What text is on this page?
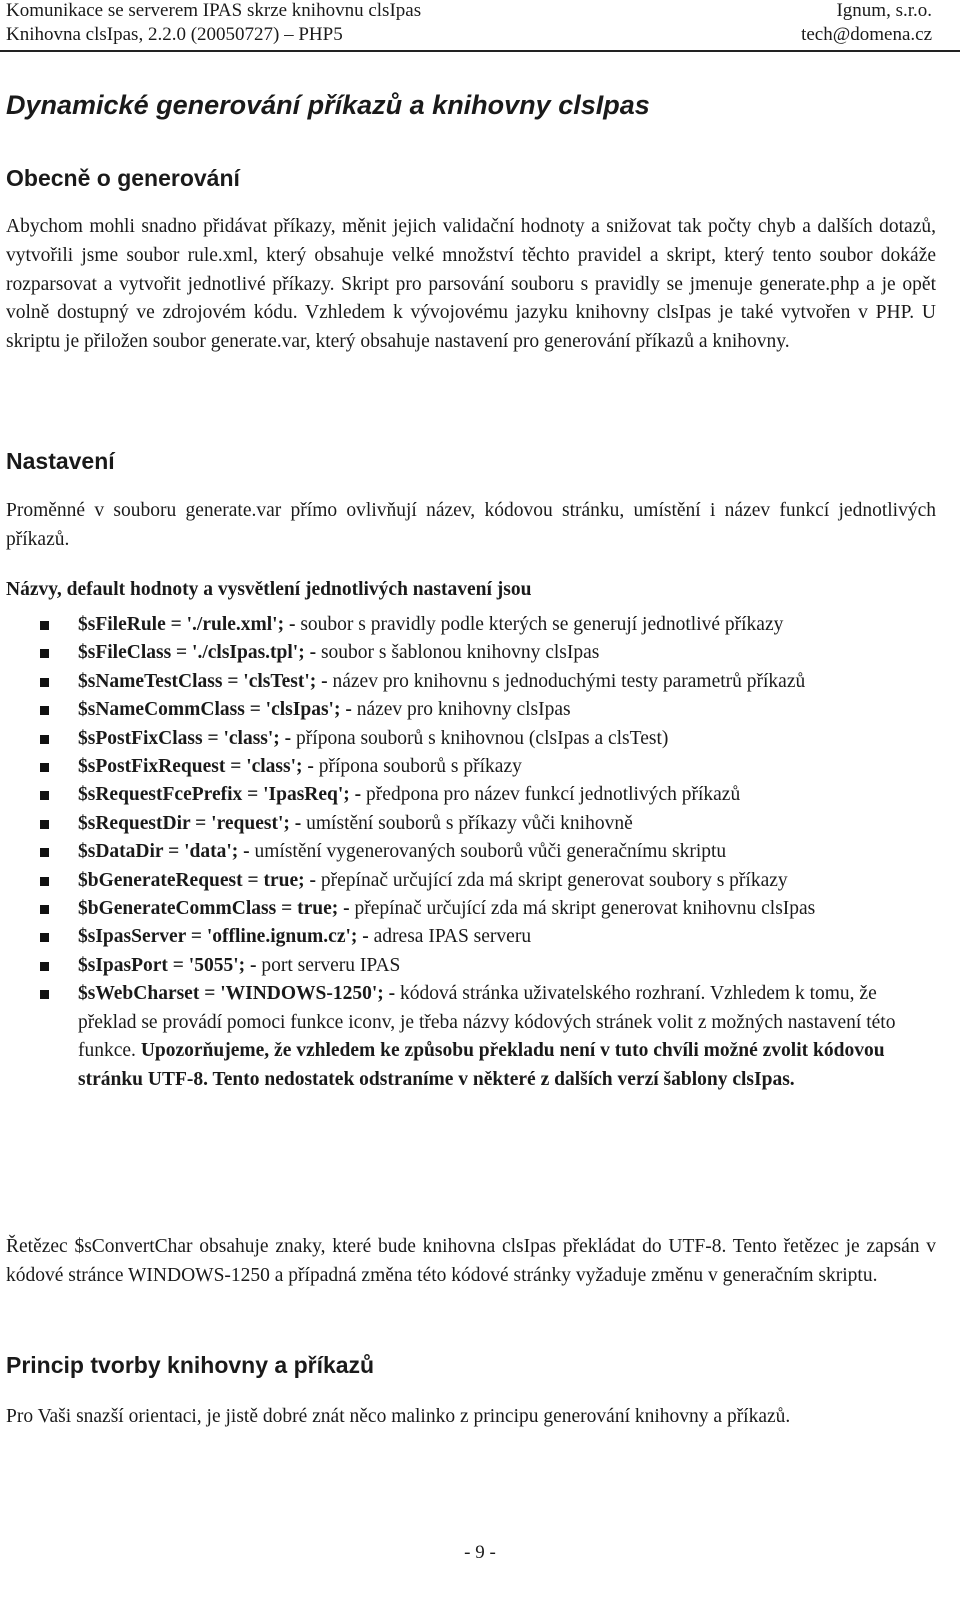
Komunikace se serverem IPAS skrze knihovnu clsIpas	Ignum, s.r.o.
Knihovna clsIpas, 2.2.0 (20050727) – PHP5	tech@domena.cz
Dynamické generování příkazů a knihovny clsIpas
Obecně o generování

Abychom mohli snadno přidávat příkazy, měnit jejich validační hodnoty a snižovat tak počty chyb a dalších dotazů, vytvořili jsme soubor rule.xml, který obsahuje velké množství těchto pravidel a skript, který tento soubor dokáže rozparsovat a vytvořit jednotlivé příkazy. Skript pro parsování souboru s pravidly se jmenuje generate.php a je opět volně dostupný ve zdrojovém kódu. Vzhledem k vývojovému jazyku knihovny clsIpas je také vytvořen v PHP. U skriptu je přiložen soubor generate.var, který obsahuje nastavení pro generování příkazů a knihovny.

Nastavení

Proměnné v souboru generate.var přímo ovlivňují název, kódovou stránku, umístění i název funkcí jednotlivých příkazů.

Názvy, default hodnoty a vysvětlení jednotlivých nastavení jsou

$sFileRule = './rule.xml'; - soubor s pravidly podle kterých se generují jednotlivé příkazy
$sFileClass = './clsIpas.tpl'; - soubor s šablonou knihovny clsIpas
$sNameTestClass = 'clsTest'; - název pro knihovnu s jednoduchými testy parametrů příkazů
$sNameCommClass = 'clsIpas'; - název pro knihovny clsIpas
$sPostFixClass = 'class'; - přípona souborů s knihovnou (clsIpas a clsTest)
$sPostFixRequest = 'class'; - přípona souborů s příkazy
$sRequestFcePrefix = 'IpasReq'; - předpona pro název funkcí jednotlivých příkazů
$sRequestDir = 'request'; - umístění souborů s příkazy vůči knihovně
$sDataDir = 'data'; - umístění vygenerovaných souborů vůči generačnímu skriptu
$bGenerateRequest = true; - přepínač určující zda má skript generovat soubory s příkazy
$bGenerateCommClass = true; - přepínač určující zda má skript generovat knihovnu clsIpas
$sIpasServer = 'offline.ignum.cz'; - adresa IPAS serveru
$sIpasPort = '5055'; - port serveru IPAS
$sWebCharset = 'WINDOWS-1250'; - kódová stránka uživatelského rozhraní. Vzhledem k tomu, že překlad se provádí pomoci funkce iconv, je třeba názvy kódových stránek volit z možných nastavení této funkce. Upozorňujeme, že vzhledem ke způsobu překladu není v tuto chvíli možné zvolit kódovou stránku UTF-8. Tento nedostatek odstraníme v některé z dalších verzí šablony clsIpas.

Řetězec $sConvertChar obsahuje znaky, které bude knihovna clsIpas překládat do UTF-8. Tento řetězec je zapsán v kódové stránce WINDOWS-1250 a případná změna této kódové stránky vyžaduje změnu v generačním skriptu.

Princip tvorby knihovny a příkazů

Pro Vaši snazší orientaci, je jistě dobré znát něco malinko z principu generování knihovny a příkazů.

- 9 -
